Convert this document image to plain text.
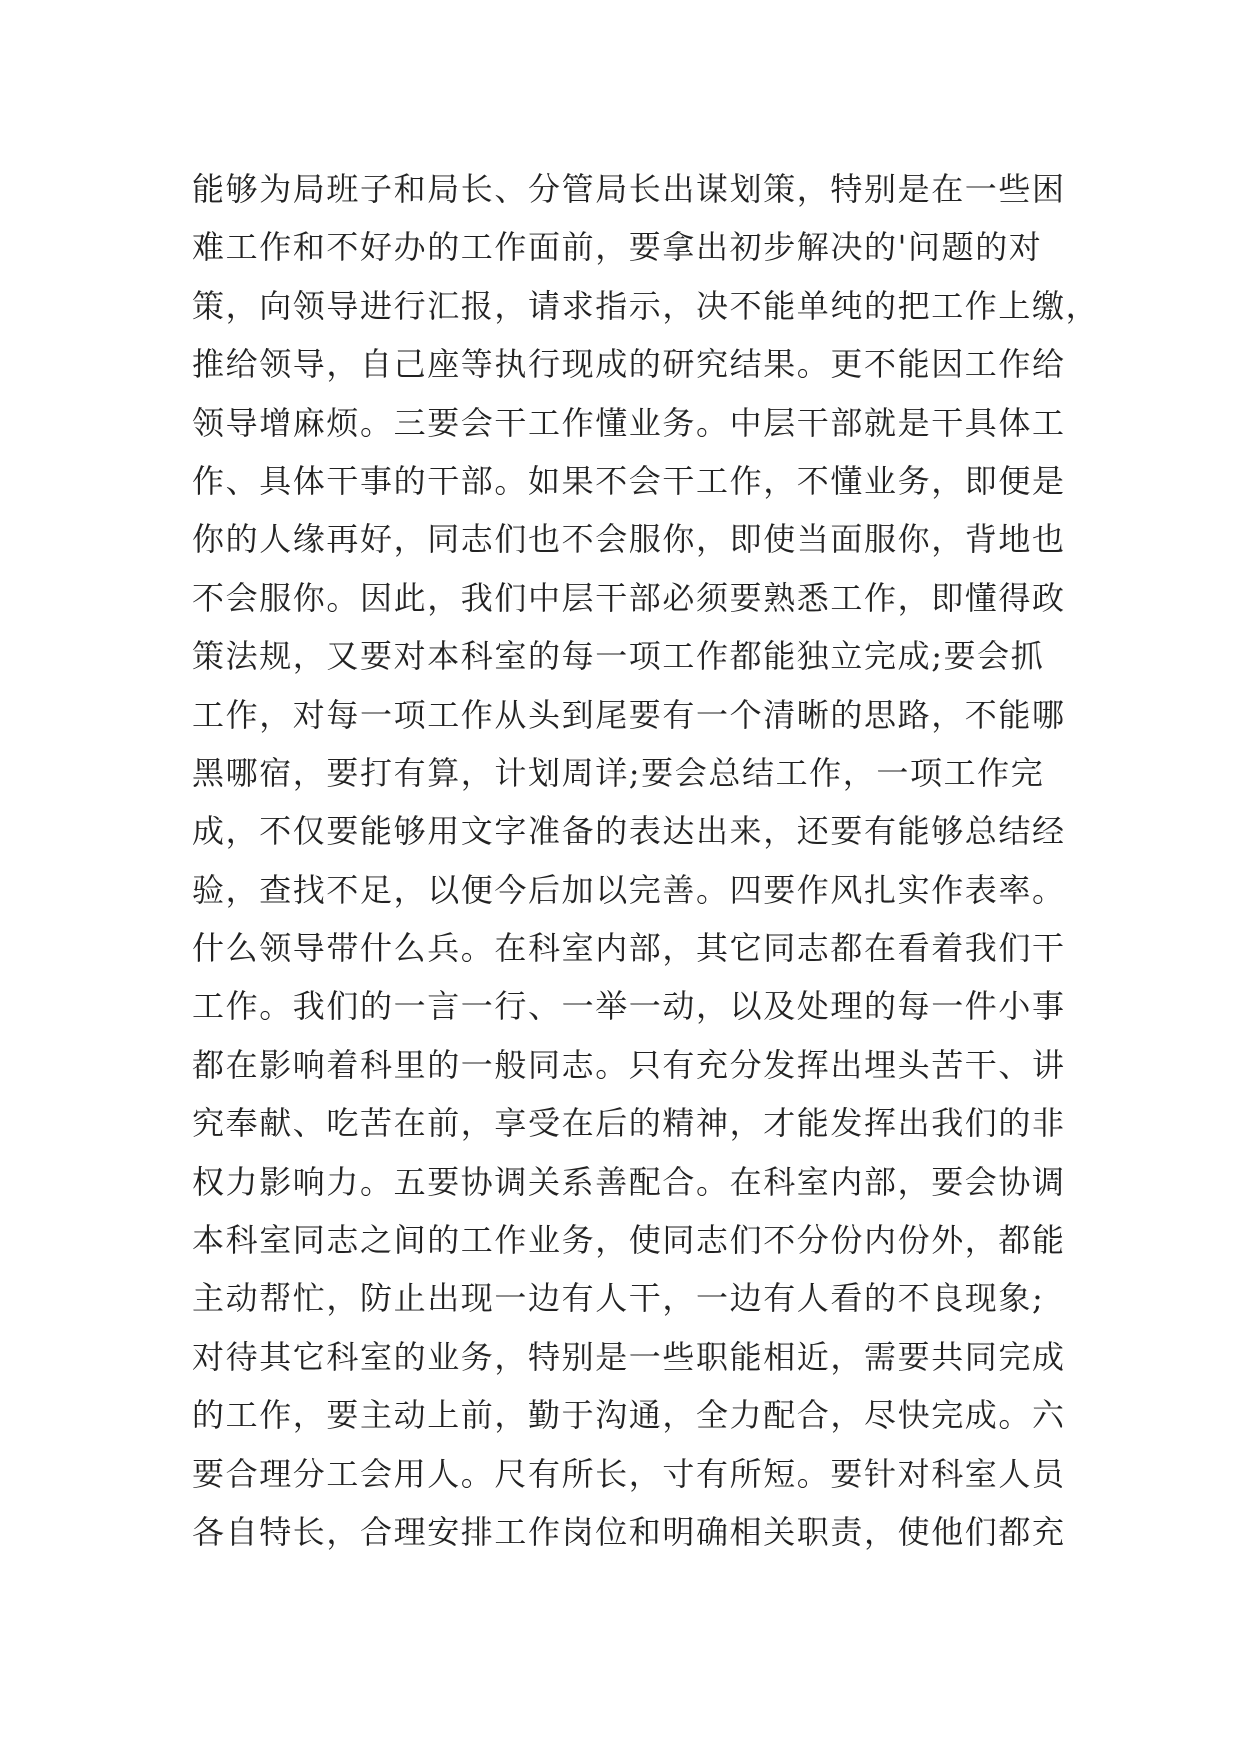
能够为局班子和局长、分管局长出谋划策，特别是在一些困
难工作和不好办的工作面前，要拿出初步解决的'问题的对
策，向领导进行汇报，请求指示，决不能单纯的把工作上缴，
推给领导，自己座等执行现成的研究结果。更不能因工作给
领导增麻烦。三要会干工作懂业务。中层干部就是干具体工
作、具体干事的干部。如果不会干工作，不懂业务，即便是
你的人缘再好，同志们也不会服你，即使当面服你，背地也
不会服你。因此，我们中层干部必须要熟悉工作，即懂得政
策法规，又要对本科室的每一项工作都能独立完成;要会抓
工作，对每一项工作从头到尾要有一个清晰的思路，不能哪
黑哪宿，要打有算，计划周详;要会总结工作，一项工作完
成，不仅要能够用文字准备的表达出来，还要有能够总结经
验，查找不足，以便今后加以完善。四要作风扎实作表率。
什么领导带什么兵。在科室内部，其它同志都在看着我们干
工作。我们的一言一行、一举一动，以及处理的每一件小事
都在影响着科里的一般同志。只有充分发挥出埋头苦干、讲
究奉献、吃苦在前，享受在后的精神，才能发挥出我们的非
权力影响力。五要协调关系善配合。在科室内部，要会协调
本科室同志之间的工作业务，使同志们不分份内份外，都能
主动帮忙，防止出现一边有人干，一边有人看的不良现象;
对待其它科室的业务，特别是一些职能相近，需要共同完成
的工作，要主动上前，勤于沟通，全力配合，尽快完成。六
要合理分工会用人。尺有所长，寸有所短。要针对科室人员
各自特长，合理安排工作岗位和明确相关职责，使他们都充
